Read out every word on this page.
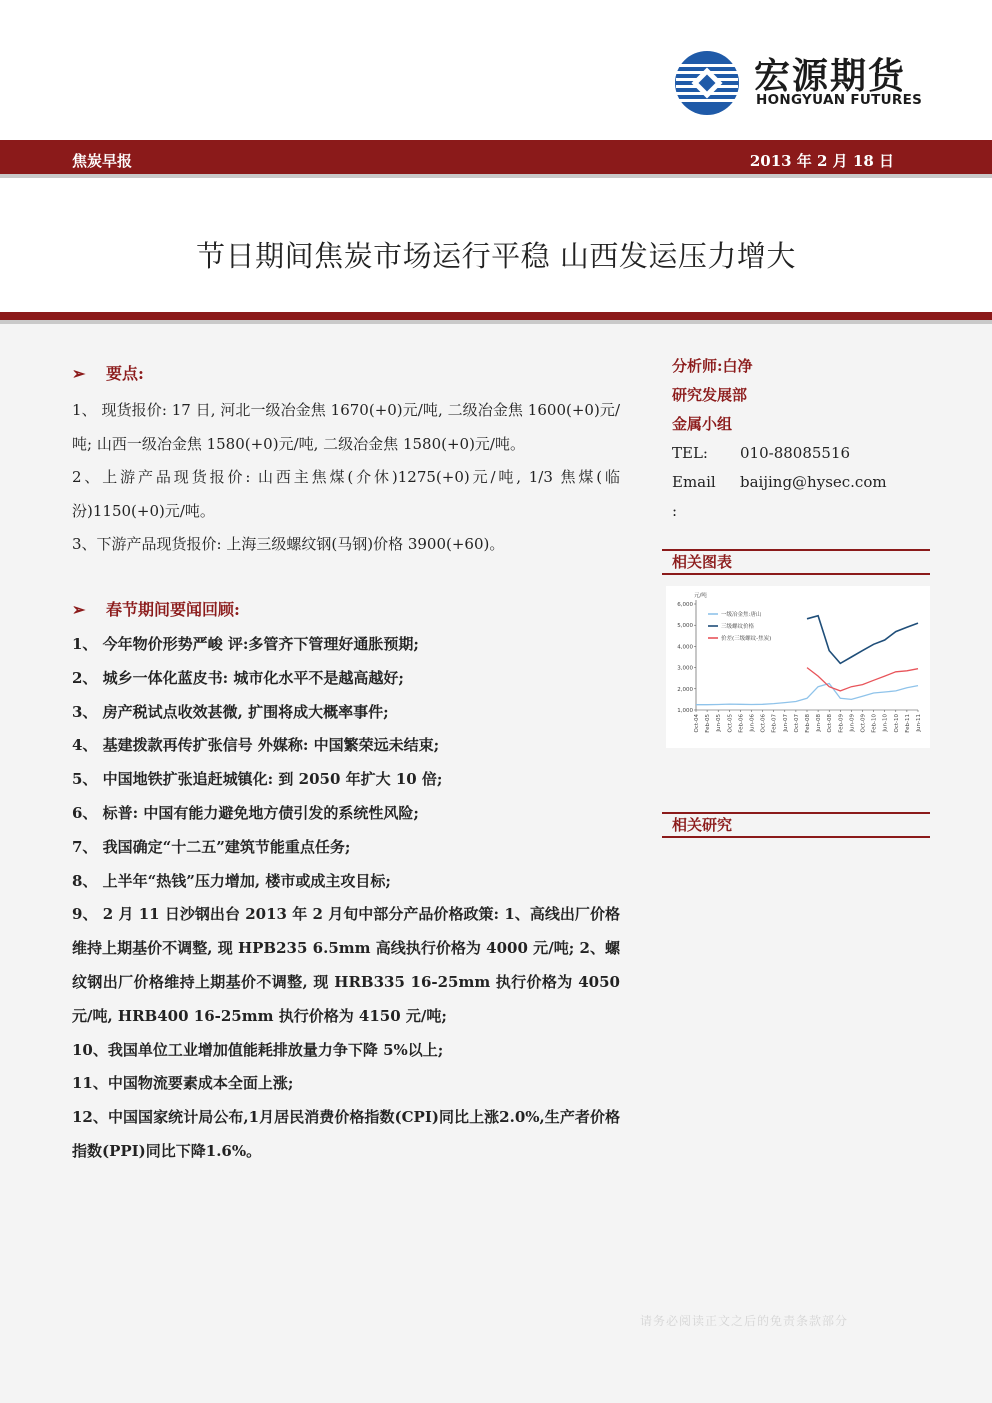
宏源期货
HONGYUAN FUTURES
焦炭早报	2013 年 2 月 18 日
节日期间焦炭市场运行平稳 山西发运压力增大
➢ 要点:
1、 现货报价: 17 日, 河北一级冶金焦 1670(+0)元/吨, 二级冶金焦 1600(+0)元/吨; 山西一级冶金焦 1580(+0)元/吨, 二级冶金焦 1580(+0)元/吨。
2、上游产品现货报价: 山西主焦煤(介休)1275(+0)元/吨, 1/3 焦煤(临汾)1150(+0)元/吨。
3、下游产品现货报价: 上海三级螺纹钢(马钢)价格 3900(+60)。
➢ 春节期间要闻回顾:
1、 今年物价形势严峻 评:多管齐下管理好通胀预期;
2、 城乡一体化蓝皮书: 城市化水平不是越高越好;
3、 房产税试点收效甚微, 扩围将成大概率事件;
4、 基建拨款再传扩张信号 外媒称: 中国繁荣远未结束;
5、 中国地铁扩张追赶城镇化: 到 2050 年扩大 10 倍;
6、 标普: 中国有能力避免地方债引发的系统性风险;
7、 我国确定“十二五”建筑节能重点任务;
8、 上半年“热钱”压力增加, 楼市或成主攻目标;
9、 2 月 11 日沙钢出台 2013 年 2 月旬中部分产品价格政策: 1、高线出厂价格维持上期基价不调整, 现 HPB235 6.5mm 高线执行价格为 4000 元/吨; 2、螺纹钢出厂价格维持上期基价不调整, 现 HRB335 16-25mm 执行价格为 4050 元/吨, HRB400 16-25mm 执行价格为 4150 元/吨;
10、我国单位工业增加值能耗排放量力争下降 5%以上;
11、中国物流要素成本全面上涨;
12、中国国家统计局公布,1月居民消费价格指数(CPI)同比上涨2.0%,生产者价格指数(PPI)同比下降1.6%。
分析师:白净
研究发展部
金属小组
TEL: 010-88085516
Email baijing@hysec.com
:
相关图表
元/吨
6,000
5,000
4,000
3,000
2,000
1,000
Oct-04 Feb-05 Jun-05 Oct-05 Feb-06 Jun-06 Oct-06 Feb-07 Jun-07 Oct-07 Feb-08 Jun-08 Oct-08 Feb-09 Jun-09 Oct-09 Feb-10 Jun-10 Oct-10 Feb-11 Jun-11
一级冶金焦:唐山
三级螺纹价格
价差(三级螺纹-焦炭)
相关研究
请务必阅读正文之后的免责条款部分
